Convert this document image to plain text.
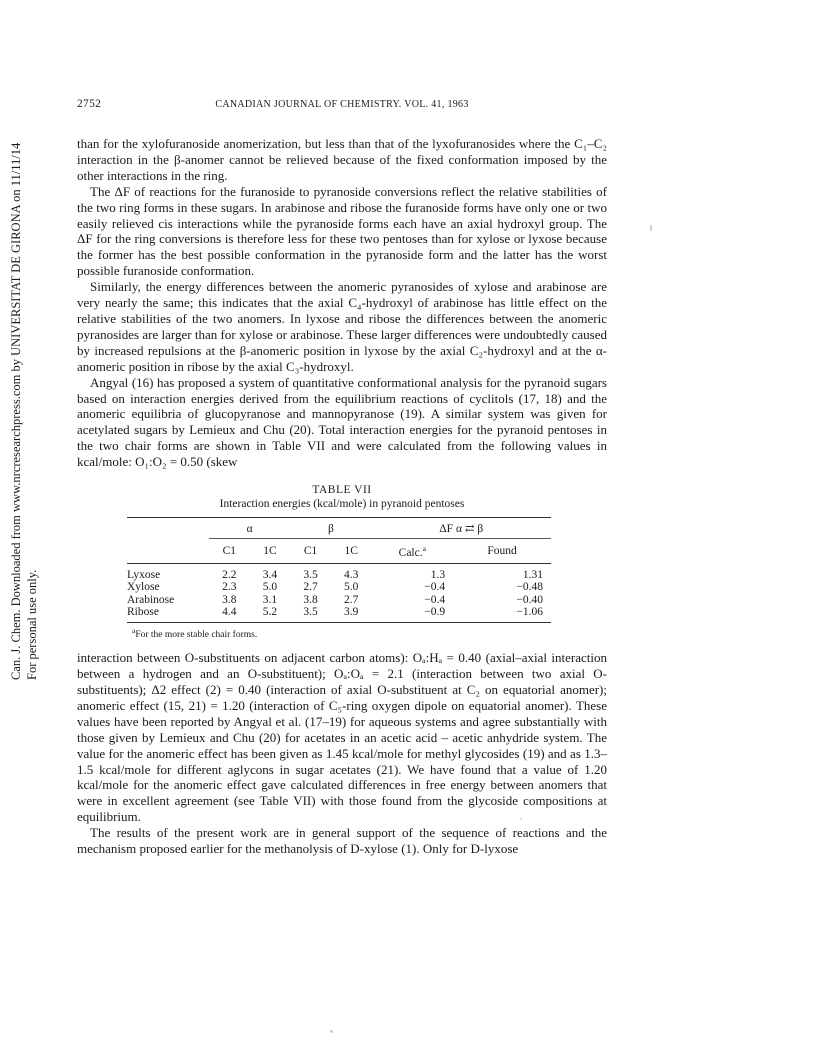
Can. J. Chem. Downloaded from www.nrcresearchpress.com by UNIVERSITAT DE GIRONA on 11/11/14 For personal use only.
2752	CANADIAN JOURNAL OF CHEMISTRY. VOL. 41, 1963

than for the xylofuranoside anomerization, but less than that of the lyxofuranosides where the C₁–C₂ interaction in the β-anomer cannot be relieved because of the fixed conformation imposed by the other interactions in the ring.

The ΔF of reactions for the furanoside to pyranoside conversions reflect the relative stabilities of the two ring forms in these sugars. In arabinose and ribose the furanoside forms have only one or two easily relieved cis interactions while the pyranoside forms each have an axial hydroxyl group. The ΔF for the ring conversions is therefore less for these two pentoses than for xylose or lyxose because the former has the best possible conformation in the pyranoside form and the latter has the worst possible furanoside conformation.

Similarly, the energy differences between the anomeric pyranosides of xylose and arabinose are very nearly the same; this indicates that the axial C₄-hydroxyl of arabinose has little effect on the relative stabilities of the two anomers. In lyxose and ribose the differences between the anomeric pyranosides are larger than for xylose or arabinose. These larger differences were undoubtedly caused by increased repulsions at the β-anomeric position in lyxose by the axial C₂-hydroxyl and at the α-anomeric position in ribose by the axial C₃-hydroxyl.

Angyal (16) has proposed a system of quantitative conformational analysis for the pyranoid sugars based on interaction energies derived from the equilibrium reactions of cyclitols (17, 18) and the anomeric equilibria of glucopyranose and mannopyranose (19). A similar system was given for acetylated sugars by Lemieux and Chu (20). Total interaction energies for the pyranoid pentoses in the two chair forms are shown in Table VII and were calculated from the following values in kcal/mole: O₁:O₂ = 0.50 (skew

TABLE VII
Interaction energies (kcal/mole) in pyranoid pentoses
	α		β		ΔF α ⇄ β	
	C1	1C		C1	1C		Calc.$^a$	Found
Lyxose	2.2	3.4		3.5	4.3		1.3	1.31
Xylose	2.3	5.0		2.7	5.0		−0.4	−0.48
Arabinose	3.8	3.1		3.8	2.7		−0.4	−0.40
Ribose	4.4	5.2		3.5	3.9		−0.9	−1.06
$^a$For the more stable chair forms.

interaction between O-substituents on adjacent carbon atoms): Oₐ:Hₐ = 0.40 (axial–axial interaction between a hydrogen and an O-substituent); Oₐ:Oₐ = 2.1 (interaction between two axial O-substituents); Δ2 effect (2) = 0.40 (interaction of axial O-substituent at C₂ on equatorial anomer); anomeric effect (15, 21) = 1.20 (interaction of C₅-ring oxygen dipole on equatorial anomer). These values have been reported by Angyal et al. (17–19) for aqueous systems and agree substantially with those given by Lemieux and Chu (20) for acetates in an acetic acid – acetic anhydride system. The value for the anomeric effect has been given as 1.45 kcal/mole for methyl glycosides (19) and as 1.3–1.5 kcal/mole for different aglycons in sugar acetates (21). We have found that a value of 1.20 kcal/mole for the anomeric effect gave calculated differences in free energy between anomers that were in excellent agreement (see Table VII) with those found from the glycoside compositions at equilibrium.

The results of the present work are in general support of the sequence of reactions and the mechanism proposed earlier for the methanolysis of D-xylose (1). Only for D-lyxose
